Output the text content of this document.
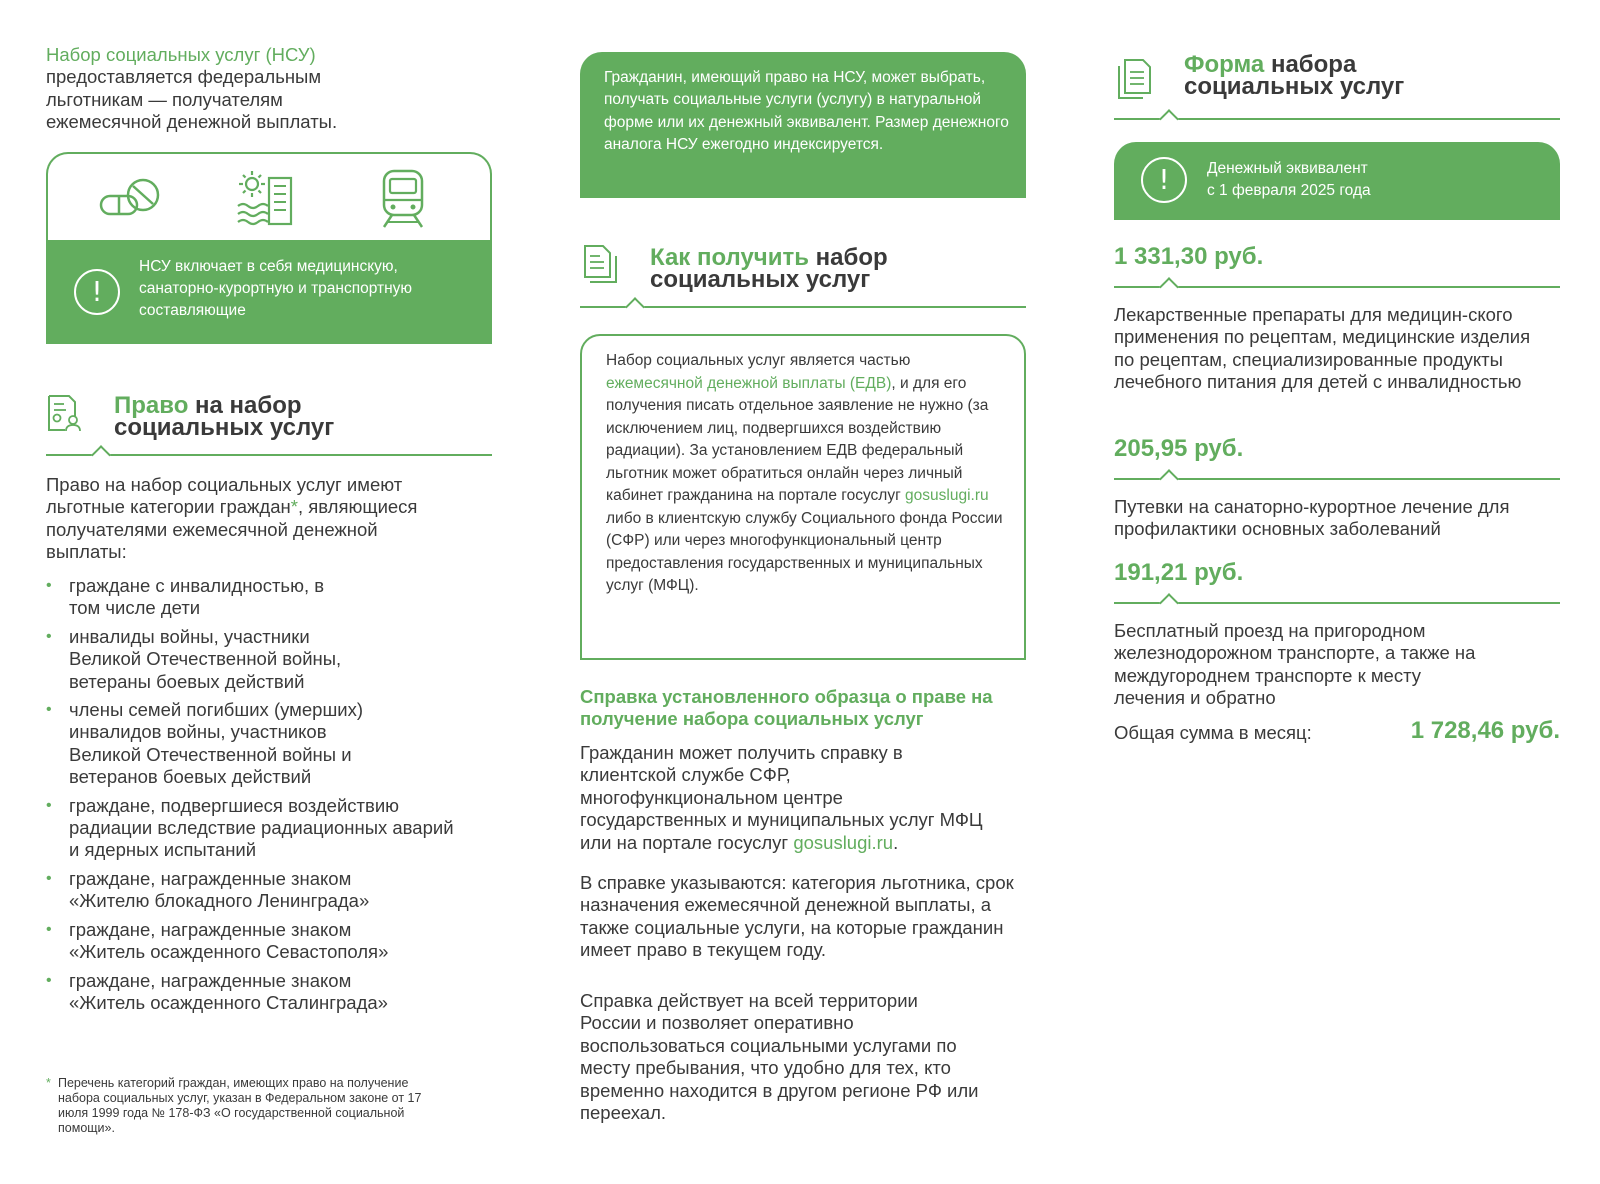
Набор социальных услуг (НСУ)
предоставляется федеральным льготникам — получателям ежемесячной денежной выплаты.
!
НСУ включает в себя медицинскую, санаторно-курортную и транспортную составляющие
Право на набор
социальных услуг
Право на набор социальных услуг имеют льготные категории граждан*, являющиеся получателями ежемесячной денежной выплаты:
• граждане с инвалидностью, в том числе дети
• инвалиды войны, участники Великой Отечественной войны, ветераны боевых действий
• члены семей погибших (умерших) инвалидов войны, участников Великой Отечественной войны и ветеранов боевых действий
• граждане, подвергшиеся воздействию радиации вследствие радиационных аварий и ядерных испытаний
• граждане, награжденные знаком «Жителю блокадного Ленинграда»
• граждане, награжденные знаком «Житель осажденного Севастополя»
• граждане, награжденные знаком «Житель осажденного Сталинграда»
* Перечень категорий граждан, имеющих право на получение набора социальных услуг, указан в Федеральном законе от 17 июля 1999 года № 178-ФЗ «О государственной социальной помощи».
Гражданин, имеющий право на НСУ, может выбрать, получать социальные услуги (услугу) в натуральной форме или их денежный эквивалент. Размер денежного аналога НСУ ежегодно индексируется.
Как получить набор
социальных услуг
Набор социальных услуг является частью ежемесячной денежной выплаты (ЕДВ), и для его получения писать отдельное заявление не нужно (за исключением лиц, подвергшихся воздействию радиации). За установлением ЕДВ федеральный льготник может обратиться онлайн через личный кабинет гражданина на портале госуслуг gosuslugi.ru либо в клиентскую службу Социального фонда России (СФР) или через многофункциональный центр предоставления государственных и муниципальных услуг (МФЦ).
Справка установленного образца о праве на получение набора социальных услуг
Гражданин может получить справку в клиентской службе СФР, многофункциональном центре государственных и муниципальных услуг МФЦ или на портале госуслуг gosuslugi.ru.
В справке указываются: категория льготника, срок назначения ежемесячной денежной выплаты, а также социальные услуги, на которые гражданин имеет право в текущем году.
Справка действует на всей территории России и позволяет оперативно воспользоваться социальными услугами по месту пребывания, что удобно для тех, кто временно находится в другом регионе РФ или переехал.
Форма набора
социальных услуг
!	Денежный эквивалент
с 1 февраля 2025 года
1 331,30 руб.
Лекарственные препараты для медицин-ского применения по рецептам, медицинские изделия по рецептам, специализированные продукты лечебного питания для детей с инвалидностью
205,95 руб.
Путевки на санаторно-курортное лечение для профилактики основных заболеваний
191,21 руб.
Бесплатный проезд на пригородном железнодорожном транспорте, а также на междугороднем транспорте к месту лечения и обратно
Общая сумма в месяц:	1 728,46 руб.
